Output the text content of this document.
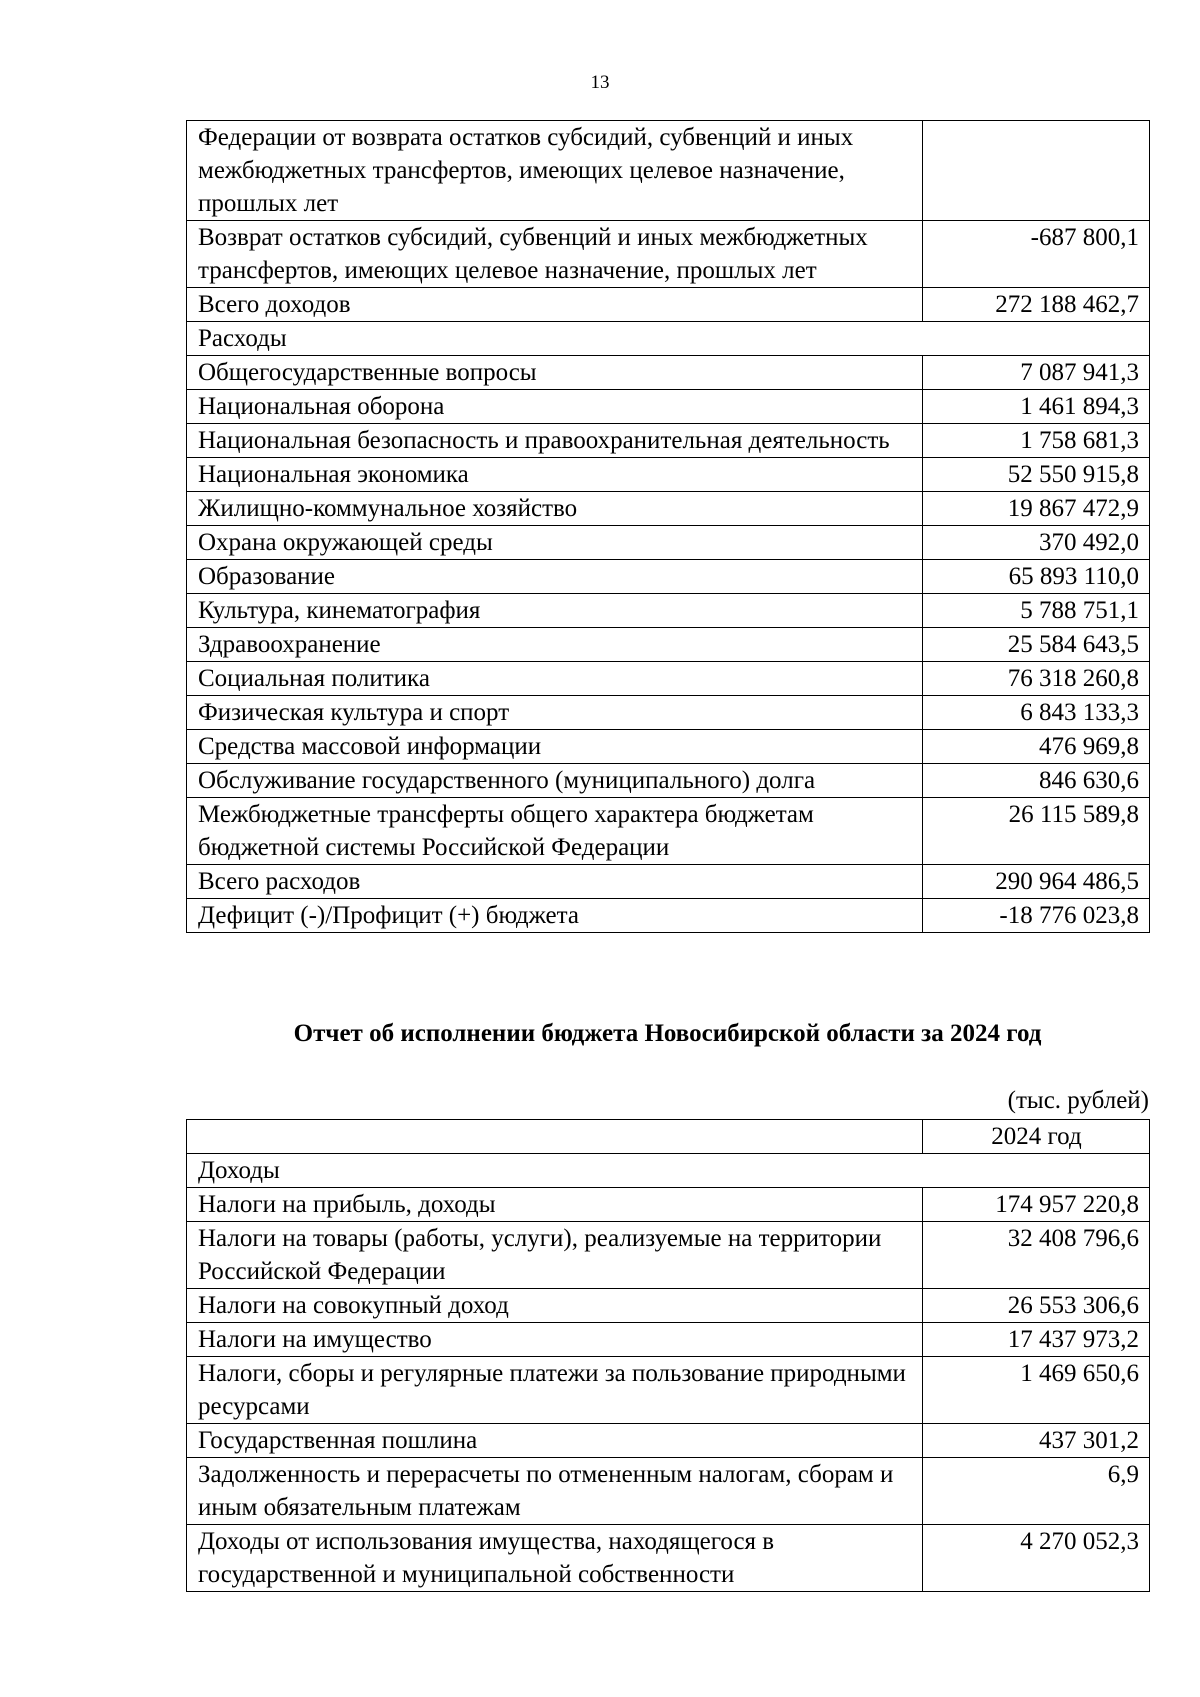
13
Федерации от возврата остатков субсидий, субвенций и иных межбюджетных трансфертов, имеющих целевое назначение, прошлых лет	
Возврат остатков субсидий, субвенций и иных межбюджетных трансфертов, имеющих целевое назначение, прошлых лет	-687 800,1
Всего доходов	272 188 462,7
Расходы	
Общегосударственные вопросы	7 087 941,3
Национальная оборона	1 461 894,3
Национальная безопасность и правоохранительная деятельность	1 758 681,3
Национальная экономика	52 550 915,8
Жилищно-коммунальное хозяйство	19 867 472,9
Охрана окружающей среды	370 492,0
Образование	65 893 110,0
Культура, кинематография	5 788 751,1
Здравоохранение	25 584 643,5
Социальная политика	76 318 260,8
Физическая культура и спорт	6 843 133,3
Средства массовой информации	476 969,8
Обслуживание государственного (муниципального) долга	846 630,6
Межбюджетные трансферты общего характера бюджетам бюджетной системы Российской Федерации	26 115 589,8
Всего расходов	290 964 486,5
Дефицит (-)/Профицит (+) бюджета	-18 776 023,8
Отчет об исполнении бюджета Новосибирской области за 2024 год
(тыс. рублей)
	2024 год
Доходы	
Налоги на прибыль, доходы	174 957 220,8
Налоги на товары (работы, услуги), реализуемые на территории Российской Федерации	32 408 796,6
Налоги на совокупный доход	26 553 306,6
Налоги на имущество	17 437 973,2
Налоги, сборы и регулярные платежи за пользование природными ресурсами	1 469 650,6
Государственная пошлина	437 301,2
Задолженность и перерасчеты по отмененным налогам, сборам и иным обязательным платежам	6,9
Доходы от использования имущества, находящегося в государственной и муниципальной собственности	4 270 052,3
